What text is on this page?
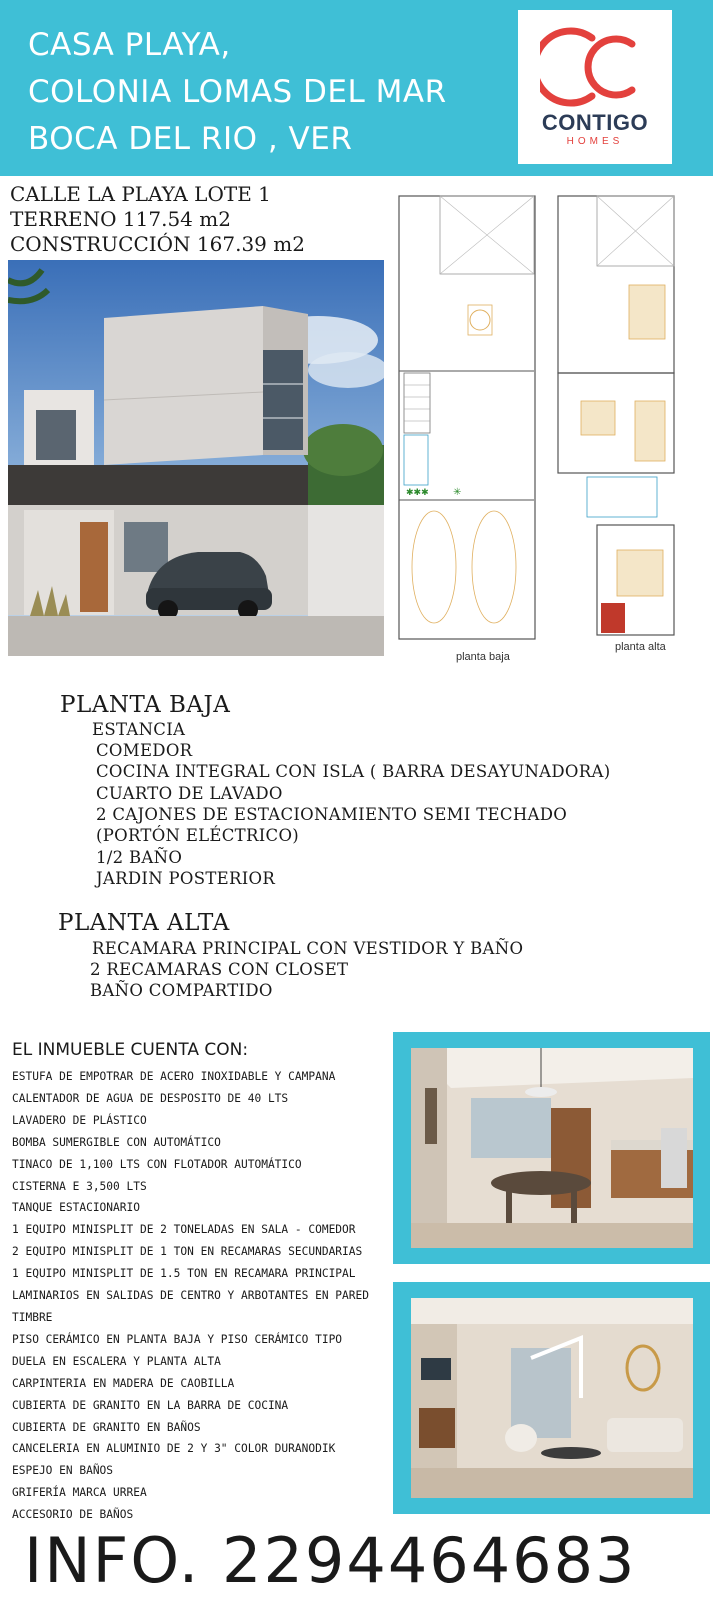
CASA PLAYA,
COLONIA LOMAS DEL MAR
BOCA DEL RIO , VER	CONTIGO
HOMES
CALLE LA PLAYA LOTE 1
TERRENO 117.54 m2
CONSTRUCCIÓN 167.39 m2
✱✱✱ ✳
planta baja
planta alta
PLANTA BAJA
ESTANCIA
COMEDOR
COCINA INTEGRAL CON ISLA ( BARRA DESAYUNADORA)
CUARTO DE LAVADO
2 CAJONES DE ESTACIONAMIENTO SEMI TECHADO
(PORTÓN ELÉCTRICO)
1/2 BAÑO
JARDIN POSTERIOR
PLANTA ALTA
RECAMARA PRINCIPAL CON VESTIDOR Y BAÑO
2 RECAMARAS CON CLOSET
BAÑO COMPARTIDO
EL INMUEBLE CUENTA CON:
ESTUFA DE EMPOTRAR DE ACERO INOXIDABLE Y CAMPANA
CALENTADOR DE AGUA DE DESPOSITO DE 40 LTS
LAVADERO DE PLÁSTICO
BOMBA SUMERGIBLE CON AUTOMÁTICO
TINACO DE 1,100 LTS CON FLOTADOR AUTOMÁTICO
CISTERNA E 3,500 LTS
TANQUE ESTACIONARIO
1 EQUIPO MINISPLIT DE 2 TONELADAS EN SALA - COMEDOR
2 EQUIPO MINISPLIT DE 1 TON EN RECAMARAS SECUNDARIAS
1 EQUIPO MINISPLIT DE 1.5 TON EN RECAMARA PRINCIPAL
LAMINARIOS EN SALIDAS DE CENTRO Y ARBOTANTES EN PARED
TIMBRE
PISO CERÁMICO EN PLANTA BAJA Y PISO CERÁMICO TIPO
DUELA EN ESCALERA Y PLANTA ALTA
CARPINTERIA EN MADERA DE CAOBILLA
CUBIERTA DE GRANITO EN LA BARRA DE COCINA
CUBIERTA DE GRANITO EN BAÑOS
CANCELERIA EN ALUMINIO DE 2 Y 3" COLOR DURANODIK
ESPEJO EN BAÑOS
GRIFERÍA MARCA URREA
ACCESORIO DE BAÑOS
INFO. 2294464683
